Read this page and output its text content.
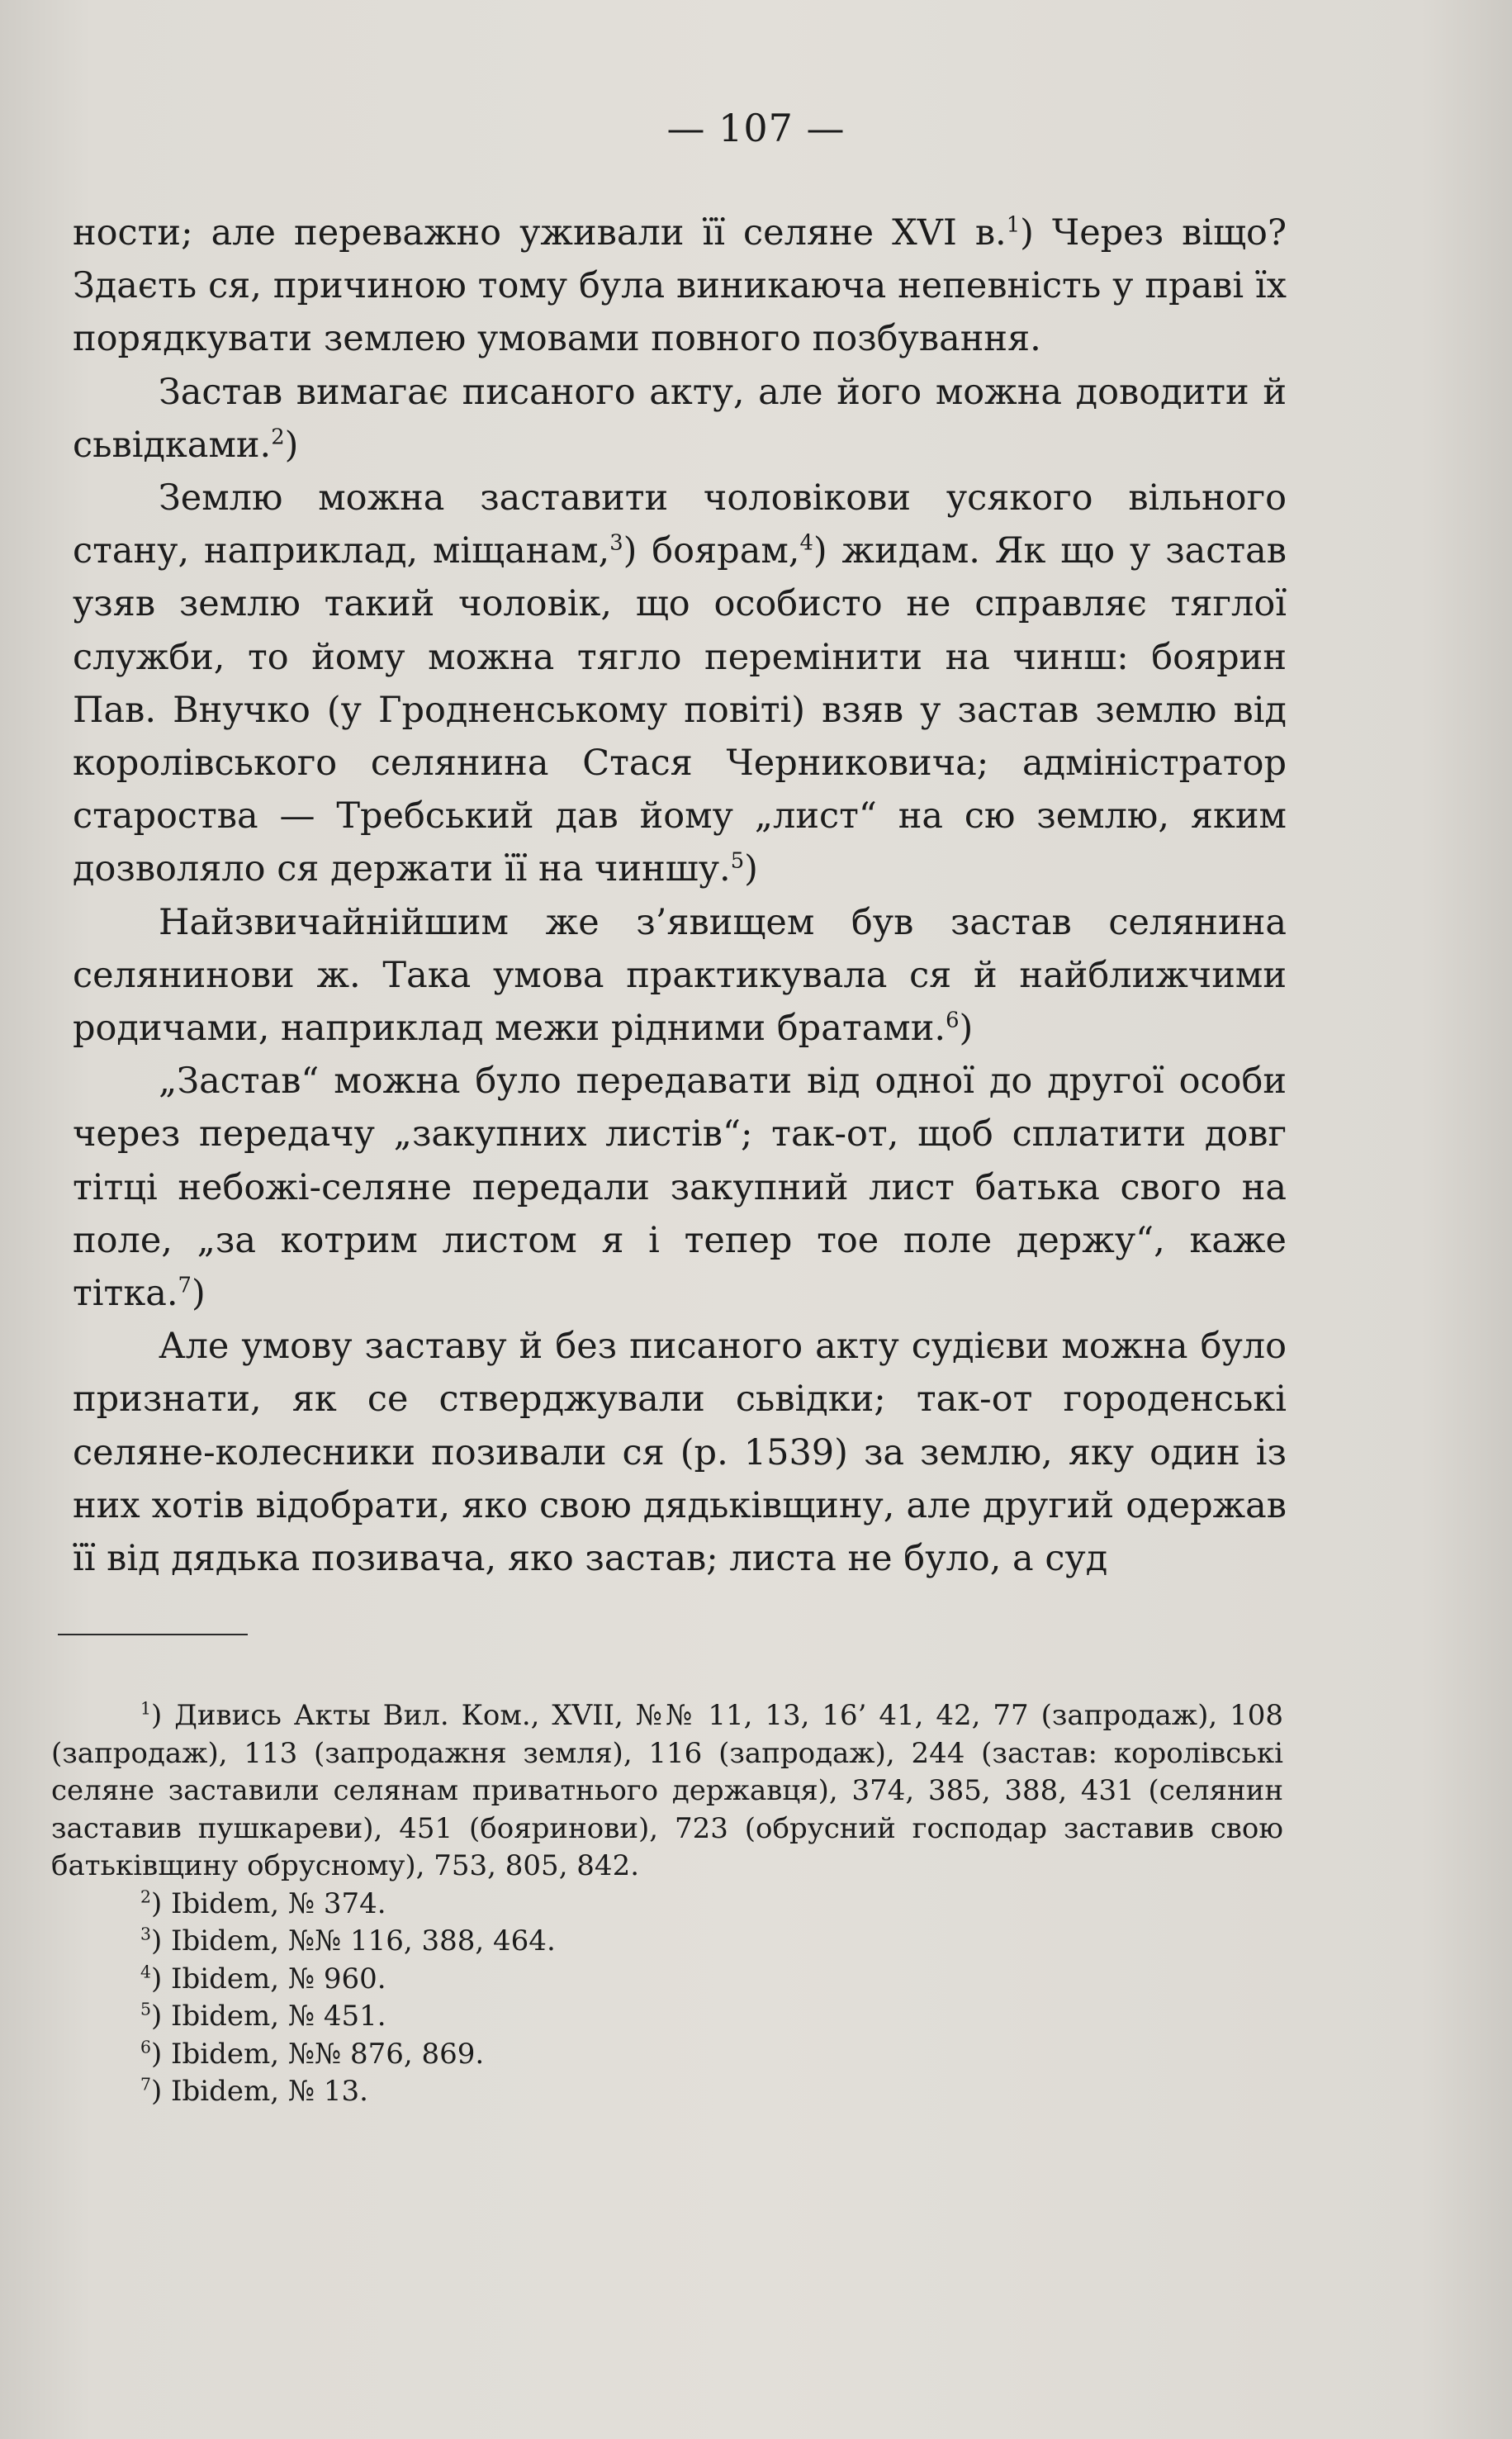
— 107 —

ности; але переважно уживали її селяне XVI в.$^1$) Через віщо? Здаєть ся, причиною тому була виникаюча непевність у праві їх порядкувати землею умовами повного позбування.

Застав вимагає писаного акту, але його можна доводити й сьвідками.$^2$)

Землю можна заставити чоловікови усякого вільного стану, наприклад, міщанам,$^3$) боярам,$^4$) жидам. Як що у застав узяв землю такий чоловік, що особисто не справляє тяглої служби, то йому можна тягло перемінити на чинш: боярин Пав. Внучко (у Гродненському повіті) взяв у застав землю від королівського селянина Стася Черниковича; адміністратор староства — Требський дав йому „лист“ на сю землю, яким дозволяло ся держати її на чиншу.$^5$)

Найзвичайнійшим же з’явищем був застав селянина селянинови ж. Така умова практикувала ся й найближчими родичами, наприклад межи рідними братами.$^6$)

„Застав“ можна було передавати від одної до другої особи через передачу „закупних листів“; так-от, щоб сплатити довг тітці небожі-селяне передали закупний лист батька свого на поле, „за котрим листом я і тепер тое поле держу“, каже тітка.$^7$)

Але умову заставу й без писаного акту судієви можна було признати, як се стверджували сьвідки; так-от городенські селяне-колесники позивали ся (р. 1539) за землю, яку один із них хотів відобрати, яко свою дядьківщину, але другий одержав її від дядька позивача, яко застав; листа не було, а суд

$^1$) Дивись Акты Вил. Ком., XVII, №№ 11, 13, 16’ 41, 42, 77 (запродаж), 108 (запродаж), 113 (запродажня земля), 116 (запродаж), 244 (застав: королівські селяне заставили селянам приватнього державця), 374, 385, 388, 431 (селянин заставив пушкареви), 451 (бояринови), 723 (обрусний господар заставив свою батьківщину обрусному), 753, 805, 842.

$^2$) Ibidem, № 374.

$^3$) Ibidem, №№ 116, 388, 464.

$^4$) Ibidem, № 960.

$^5$) Ibidem, № 451.

$^6$) Ibidem, №№ 876, 869.

$^7$) Ibidem, № 13.
